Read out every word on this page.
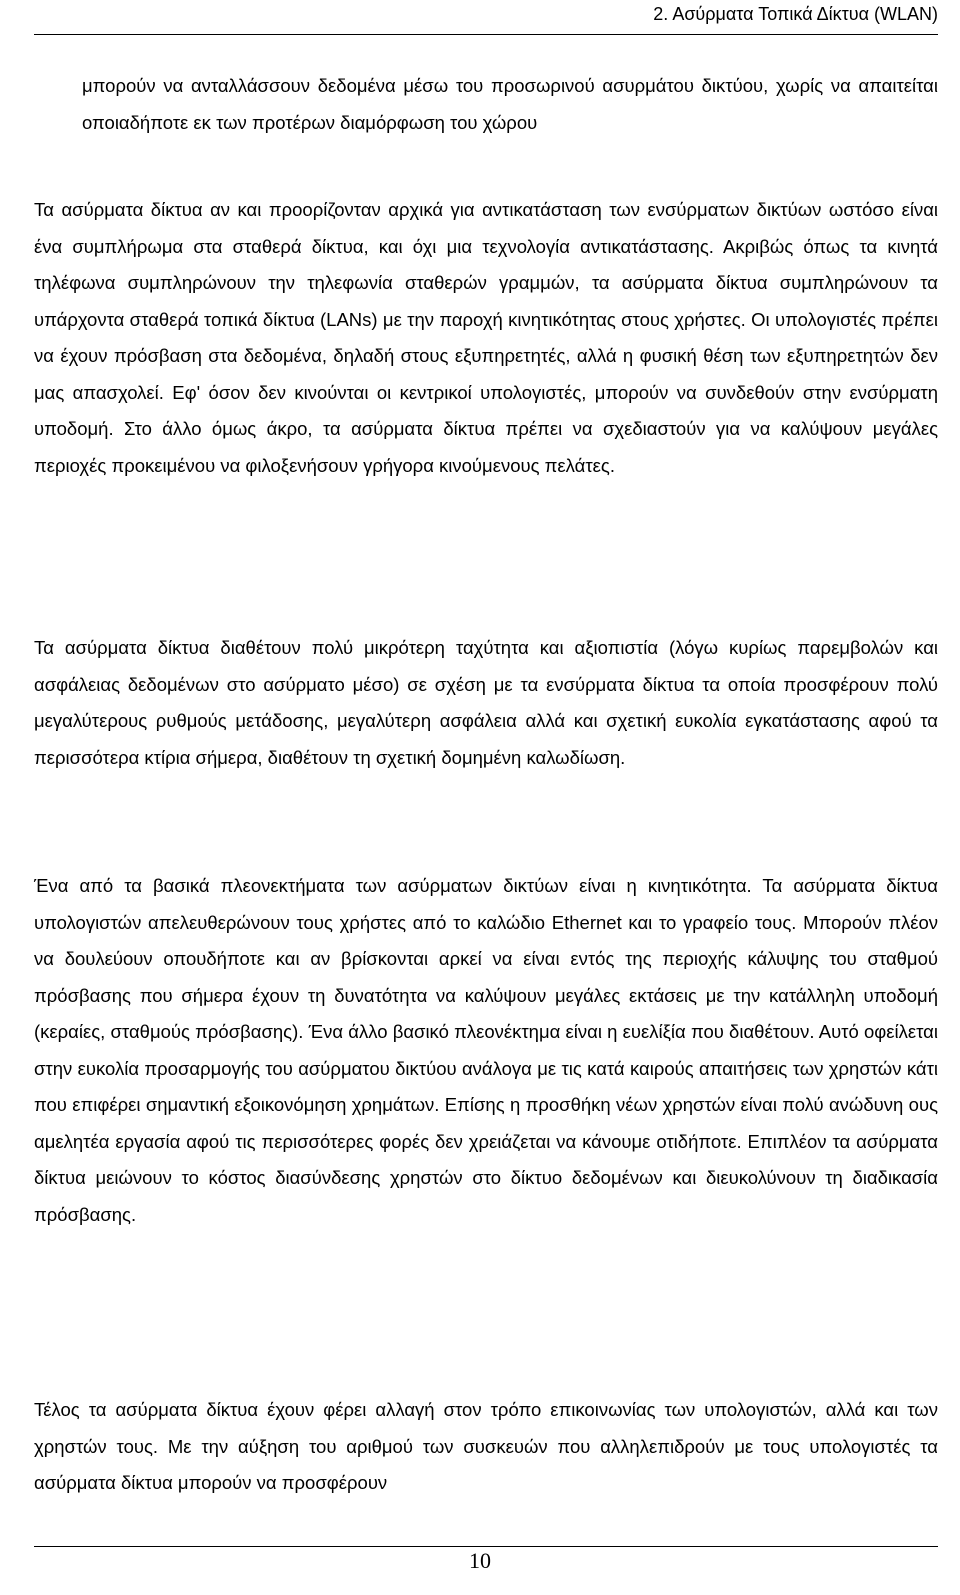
2. Ασύρματα Τοπικά Δίκτυα (WLAN)

μπορούν να ανταλλάσσουν δεδομένα μέσω του προσωρινού ασυρμάτου δικτύου, χωρίς να απαιτείται οποιαδήποτε εκ των προτέρων διαμόρφωση του χώρου

Τα ασύρματα δίκτυα αν και προορίζονταν αρχικά για αντικατάσταση των ενσύρματων δικτύων ωστόσο είναι ένα συμπλήρωμα στα σταθερά δίκτυα, και όχι μια τεχνολογία αντικατάστασης. Ακριβώς όπως τα κινητά τηλέφωνα συμπληρώνουν την τηλεφωνία σταθερών γραμμών, τα ασύρματα δίκτυα συμπληρώνουν τα υπάρχοντα σταθερά τοπικά δίκτυα (LANs) με την παροχή κινητικότητας στους χρήστες. Οι υπολογιστές πρέπει να έχουν πρόσβαση στα δεδομένα, δηλαδή στους εξυπηρετητές, αλλά η φυσική θέση των εξυπηρετητών δεν μας απασχολεί. Εφ' όσον δεν κινούνται οι κεντρικοί υπολογιστές, μπορούν να συνδεθούν στην ενσύρματη υποδομή. Στο άλλο όμως άκρο, τα ασύρματα δίκτυα πρέπει να σχεδιαστούν για να καλύψουν μεγάλες περιοχές προκειμένου να φιλοξενήσουν γρήγορα κινούμενους πελάτες.

Τα ασύρματα δίκτυα διαθέτουν πολύ μικρότερη ταχύτητα και αξιοπιστία (λόγω κυρίως παρεμβολών και ασφάλειας δεδομένων στο ασύρματο μέσο) σε σχέση με τα ενσύρματα δίκτυα τα οποία προσφέρουν πολύ μεγαλύτερους ρυθμούς μετάδοσης, μεγαλύτερη ασφάλεια αλλά και σχετική ευκολία εγκατάστασης αφού τα περισσότερα κτίρια σήμερα, διαθέτουν τη σχετική δομημένη καλωδίωση.

Ένα από τα βασικά πλεονεκτήματα των ασύρματων δικτύων είναι η κινητικότητα. Τα ασύρματα δίκτυα υπολογιστών απελευθερώνουν τους χρήστες από το καλώδιο Ethernet και το γραφείο τους. Μπορούν πλέον να δουλεύουν οπουδήποτε και αν βρίσκονται αρκεί να είναι εντός της περιοχής κάλυψης του σταθμού πρόσβασης που σήμερα έχουν τη δυνατότητα να καλύψουν μεγάλες εκτάσεις με την κατάλληλη υποδομή (κεραίες, σταθμούς πρόσβασης). Ένα άλλο βασικό πλεονέκτημα είναι η ευελίξία που διαθέτουν. Αυτό οφείλεται στην ευκολία προσαρμογής του ασύρματου δικτύου ανάλογα με τις κατά καιρούς απαιτήσεις των χρηστών κάτι που επιφέρει σημαντική εξοικονόμηση χρημάτων. Επίσης η προσθήκη νέων χρηστών είναι πολύ ανώδυνη ους αμελητέα εργασία αφού τις περισσότερες φορές δεν χρειάζεται να κάνουμε οτιδήποτε. Επιπλέον τα ασύρματα δίκτυα μειώνουν το κόστος διασύνδεσης χρηστών στο δίκτυο δεδομένων και διευκολύνουν τη διαδικασία πρόσβασης.

Τέλος τα ασύρματα δίκτυα έχουν φέρει αλλαγή στον τρόπο επικοινωνίας των υπολογιστών, αλλά και των χρηστών τους. Με την αύξηση του αριθμού των συσκευών που αλληλεπιδρούν με τους υπολογιστές τα ασύρματα δίκτυα μπορούν να προσφέρουν

10
